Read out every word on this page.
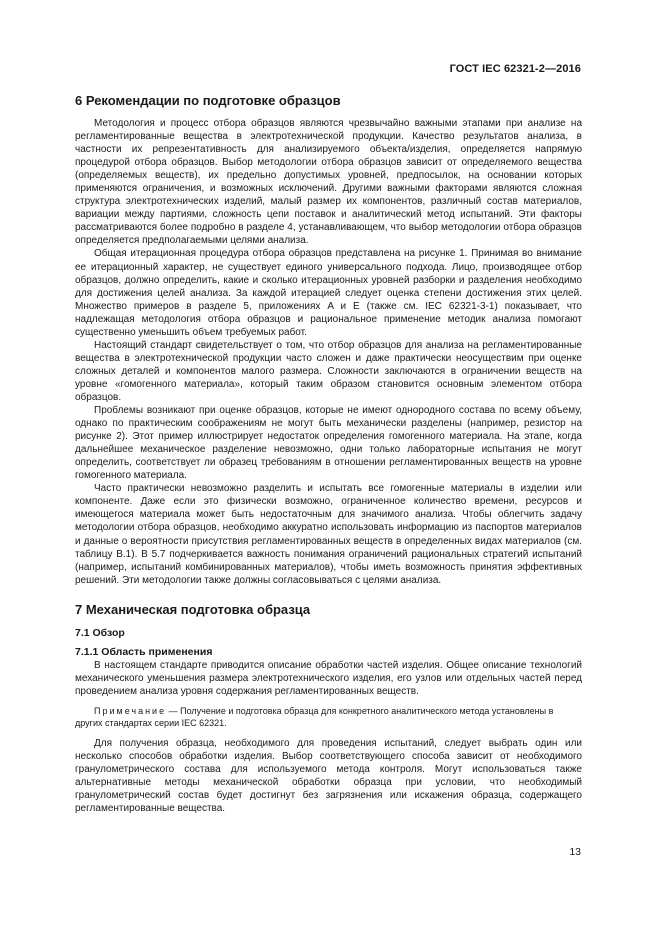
ГОСТ IEC 62321-2—2016
6 Рекомендации по подготовке образцов

Методология и процесс отбора образцов являются чрезвычайно важными этапами при анализе на регламентированные вещества в электротехнической продукции. Качество результатов анализа, в частности их репрезентативность для анализируемого объекта/изделия, определяется напрямую процедурой отбора образцов. Выбор методологии отбора образцов зависит от определяемого вещества (определяемых веществ), их предельно допустимых уровней, предпосылок, на основании которых применяются ограничения, и возможных исключений. Другими важными факторами являются сложная структура электротехнических изделий, малый размер их компонентов, различный состав материалов, вариации между партиями, сложность цепи поставок и аналитический метод испытаний. Эти факторы рассматриваются более подробно в разделе 4, устанавливающем, что выбор методологии отбора образцов определяется предполагаемыми целями анализа.

Общая итерационная процедура отбора образцов представлена на рисунке 1. Принимая во внимание ее итерационный характер, не существует единого универсального подхода. Лицо, производящее отбор образцов, должно определить, какие и сколько итерационных уровней разборки и разделения необходимо для достижения целей анализа. За каждой итерацией следует оценка степени достижения этих целей. Множество примеров в разделе 5, приложениях A и E (также см. IEC 62321-3-1) показывает, что надлежащая методология отбора образцов и рациональное применение методик анализа помогают существенно уменьшить объем требуемых работ.

Настоящий стандарт свидетельствует о том, что отбор образцов для анализа на регламентированные вещества в электротехнической продукции часто сложен и даже практически неосуществим при оценке сложных деталей и компонентов малого размера. Сложности заключаются в ограничении веществ на уровне «гомогенного материала», который таким образом становится основным элементом отбора образцов.

Проблемы возникают при оценке образцов, которые не имеют однородного состава по всему объему, однако по практическим соображениям не могут быть механически разделены (например, резистор на рисунке 2). Этот пример иллюстрирует недостаток определения гомогенного материала. На этапе, когда дальнейшее механическое разделение невозможно, одни только лабораторные испытания не могут определить, соответствует ли образец требованиям в отношении регламентированных веществ на уровне гомогенного материала.

Часто практически невозможно разделить и испытать все гомогенные материалы в изделии или компоненте. Даже если это физически возможно, ограниченное количество времени, ресурсов и имеющегося материала может быть недостаточным для значимого анализа. Чтобы облегчить задачу методологии отбора образцов, необходимо аккуратно использовать информацию из паспортов материалов и данные о вероятности присутствия регламентированных веществ в определенных видах материалов (см. таблицу B.1). В 5.7 подчеркивается важность понимания ограничений рациональных стратегий испытаний (например, испытаний комбинированных материалов), чтобы иметь возможность принятия эффективных решений. Эти методологии также должны согласовываться с целями анализа.

7 Механическая подготовка образца
7.1 Обзор
7.1.1 Область применения

В настоящем стандарте приводится описание обработки частей изделия. Общее описание технологий механического уменьшения размера электротехнического изделия, его узлов или отдельных частей перед проведением анализа уровня содержания регламентированных веществ.

Примечание — Получение и подготовка образца для конкретного аналитического метода установлены в других стандартах серии IEC 62321.

Для получения образца, необходимого для проведения испытаний, следует выбрать один или несколько способов обработки изделия. Выбор соответствующего способа зависит от необходимого гранулометрического состава для используемого метода контроля. Могут использоваться также альтернативные методы механической обработки образца при условии, что необходимый гранулометрический состав будет достигнут без загрязнения или искажения образца, содержащего регламентированные вещества.

13
